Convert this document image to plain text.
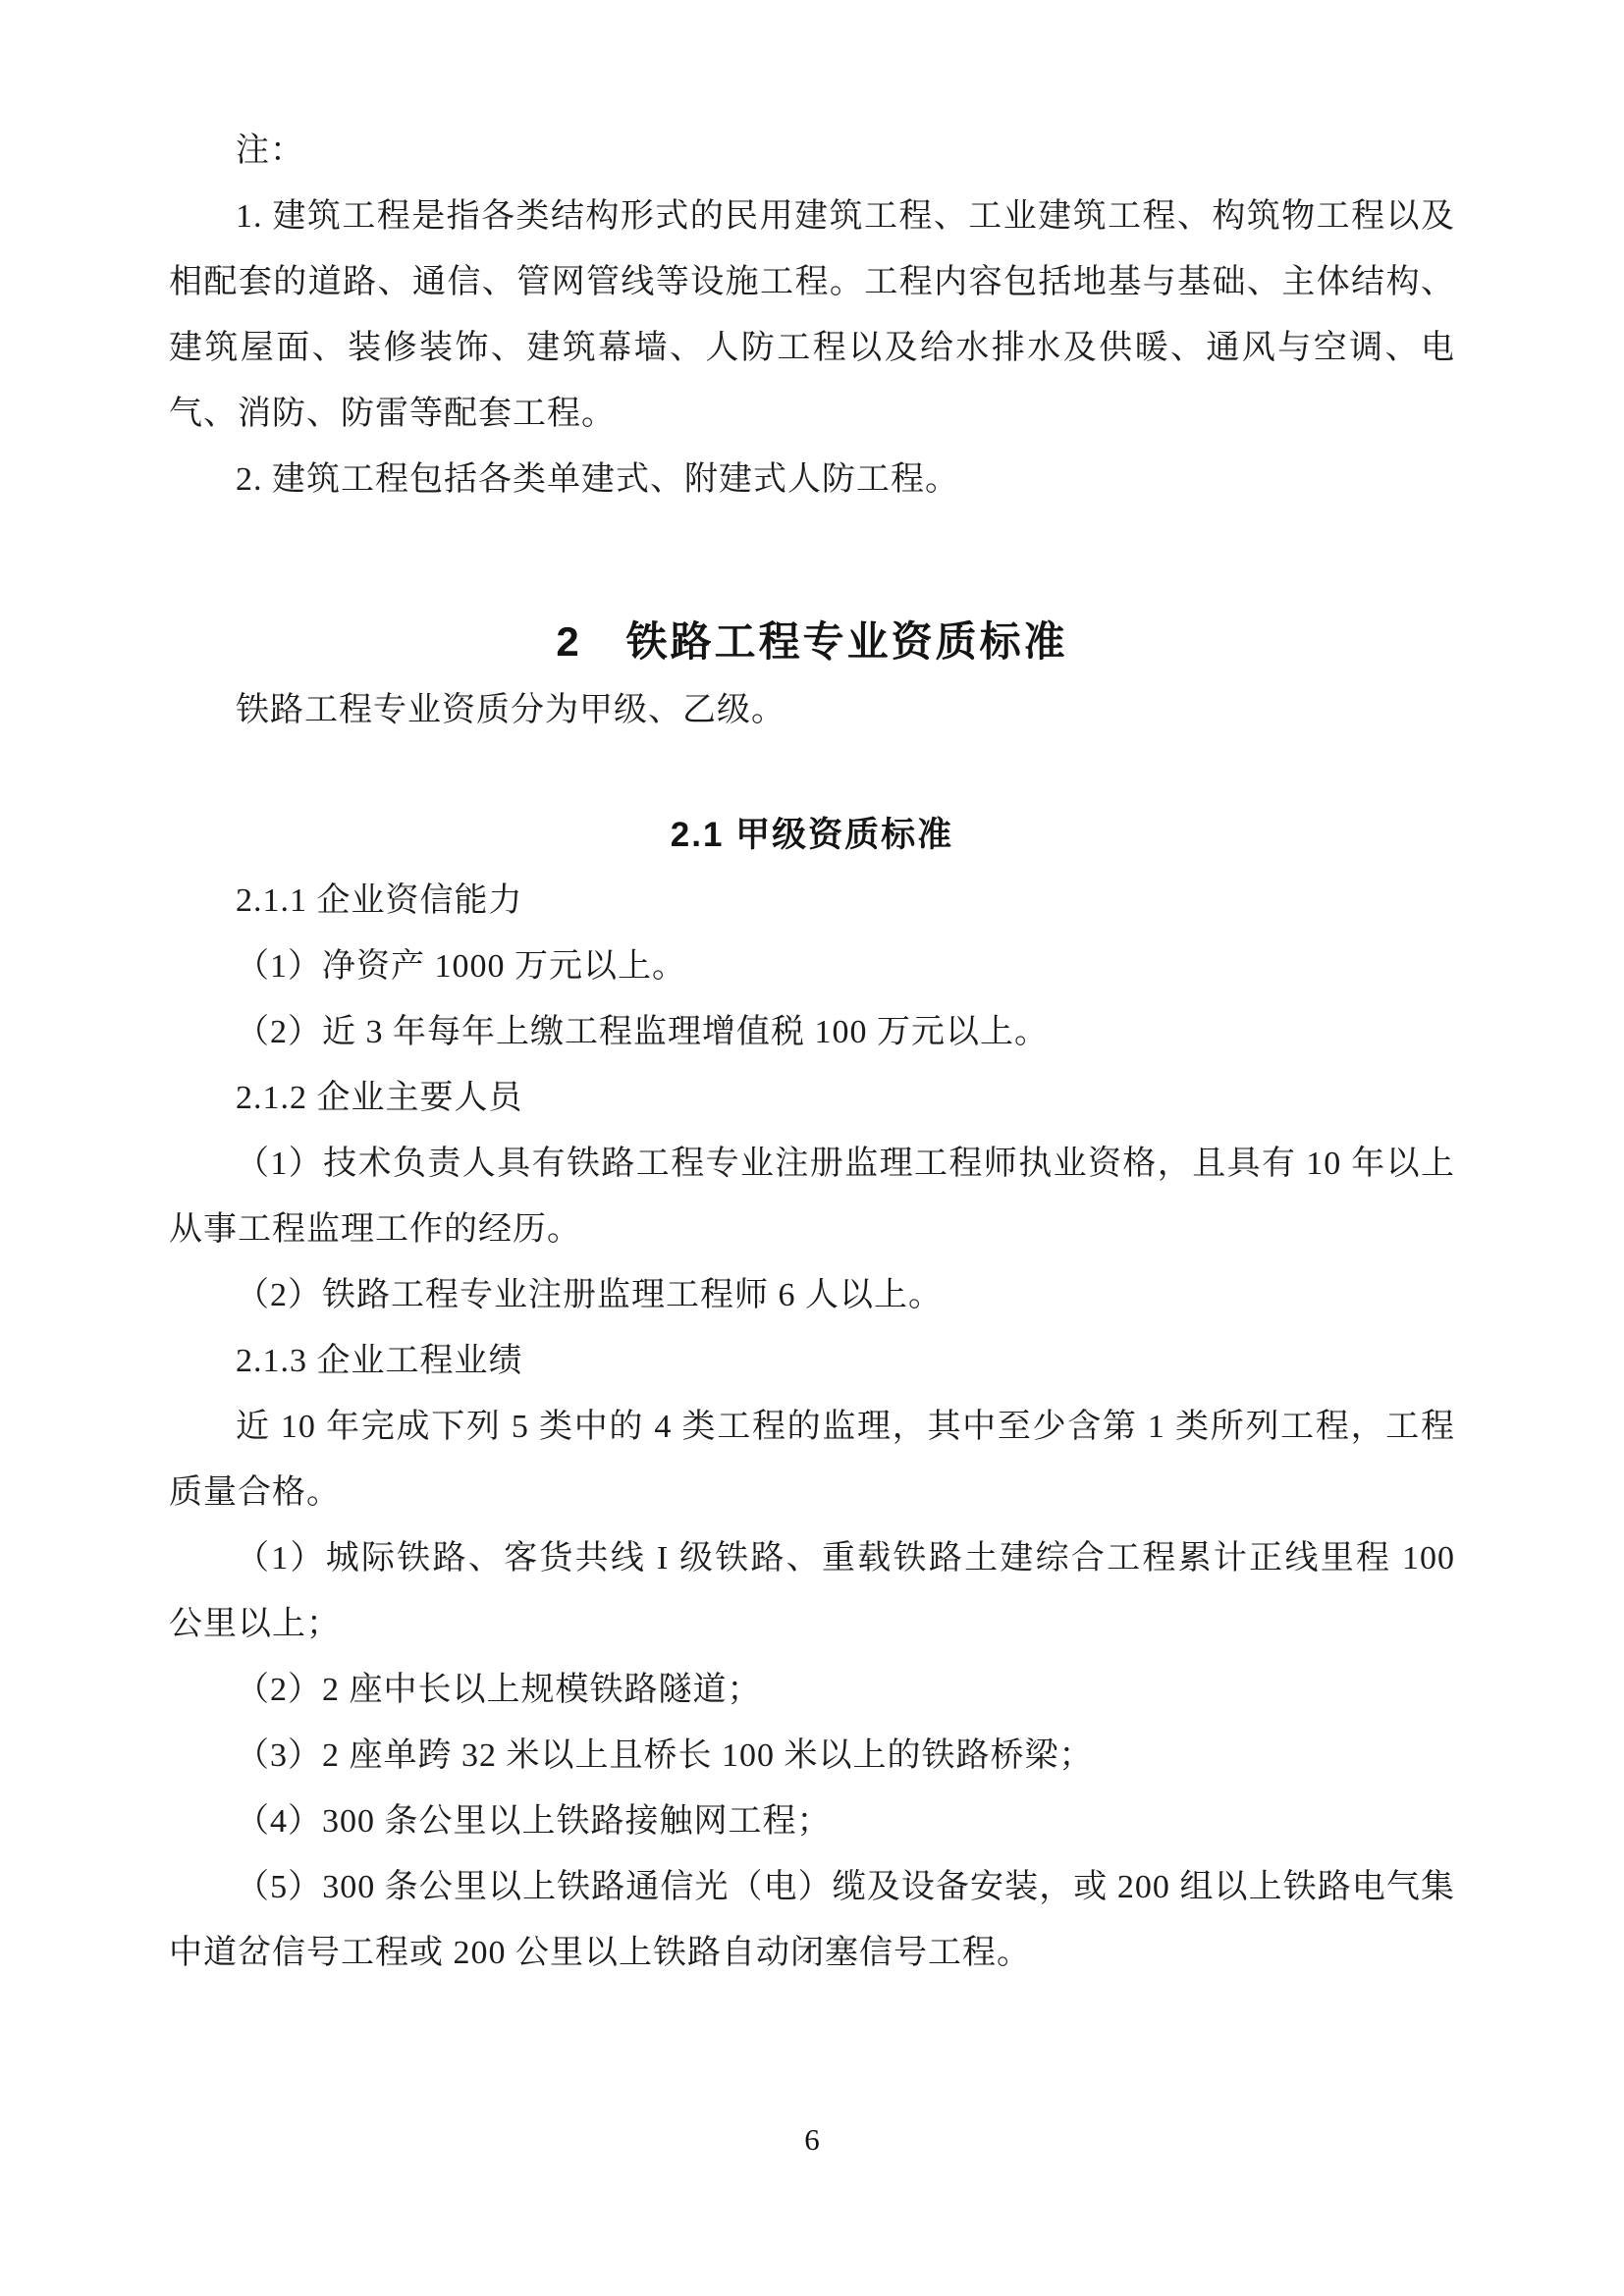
注：

1. 建筑工程是指各类结构形式的民用建筑工程、工业建筑工程、构筑物工程以及相配套的道路、通信、管网管线等设施工程。工程内容包括地基与基础、主体结构、建筑屋面、装修装饰、建筑幕墙、人防工程以及给水排水及供暖、通风与空调、电气、消防、防雷等配套工程。

2. 建筑工程包括各类单建式、附建式人防工程。

2　铁路工程专业资质标准

铁路工程专业资质分为甲级、乙级。

2.1 甲级资质标准

2.1.1 企业资信能力

（1）净资产 1000 万元以上。

（2）近 3 年每年上缴工程监理增值税 100 万元以上。

2.1.2 企业主要人员

（1）技术负责人具有铁路工程专业注册监理工程师执业资格，且具有 10 年以上从事工程监理工作的经历。

（2）铁路工程专业注册监理工程师 6 人以上。

2.1.3 企业工程业绩

近 10 年完成下列 5 类中的 4 类工程的监理，其中至少含第 1 类所列工程，工程质量合格。

（1）城际铁路、客货共线 I 级铁路、重载铁路土建综合工程累计正线里程 100 公里以上；

（2）2 座中长以上规模铁路隧道；

（3）2 座单跨 32 米以上且桥长 100 米以上的铁路桥梁；

（4）300 条公里以上铁路接触网工程；

（5）300 条公里以上铁路通信光（电）缆及设备安装，或 200 组以上铁路电气集中道岔信号工程或 200 公里以上铁路自动闭塞信号工程。

6
